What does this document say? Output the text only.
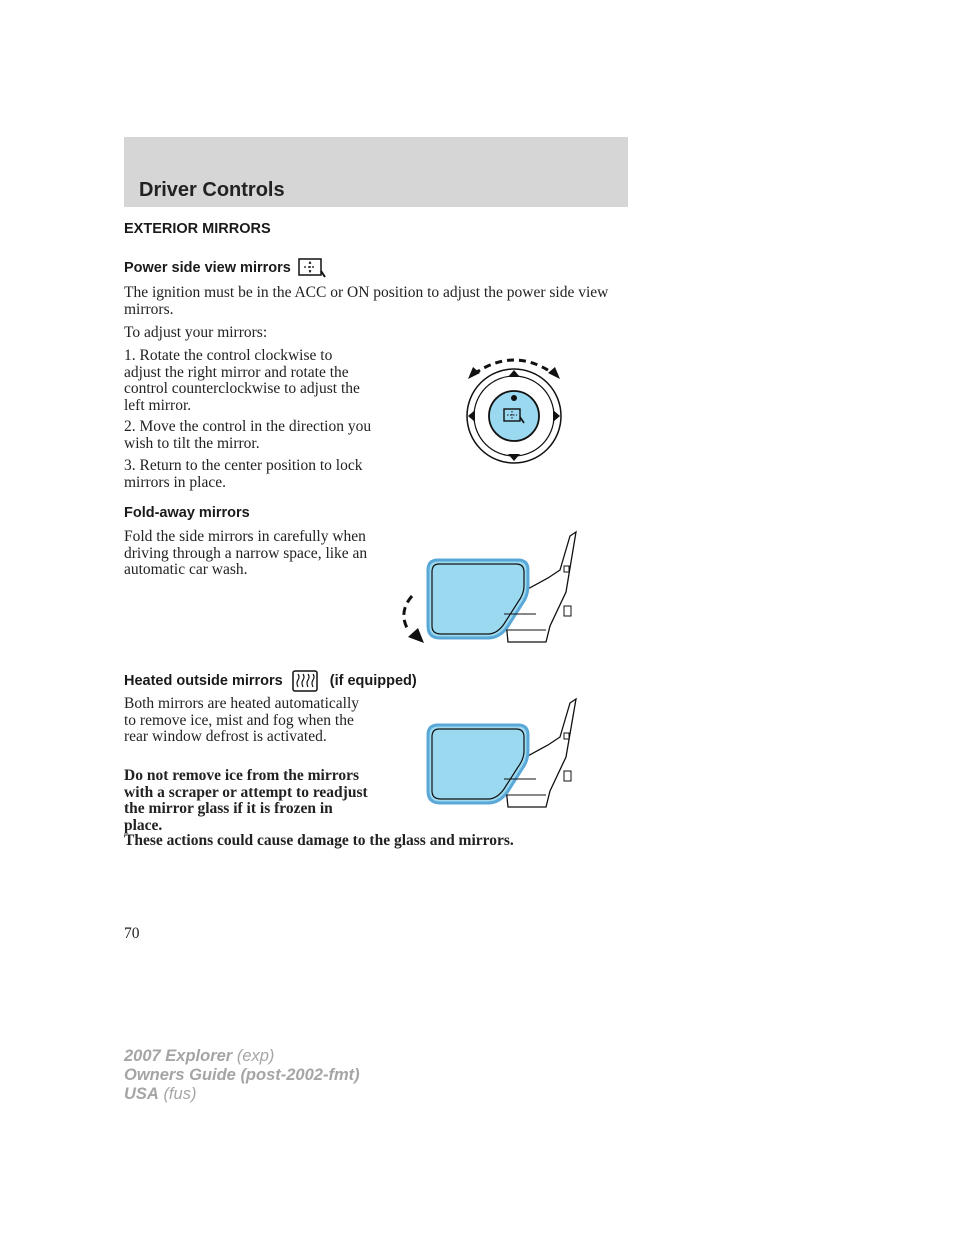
Driver Controls
EXTERIOR MIRRORS
Power side view mirrors
The ignition must be in the ACC or ON position to adjust the power side view mirrors.
To adjust your mirrors:
1. Rotate the control clockwise to adjust the right mirror and rotate the control counterclockwise to adjust the left mirror.
2. Move the control in the direction you wish to tilt the mirror.
3. Return to the center position to lock mirrors in place.
Fold-away mirrors
Fold the side mirrors in carefully when driving through a narrow space, like an automatic car wash.
Heated outside mirrors	(if equipped)
Both mirrors are heated automatically to remove ice, mist and fog when the rear window defrost is activated.
Do not remove ice from the mirrors with a scraper or attempt to readjust the mirror glass if it is frozen in place.
These actions could cause damage to the glass and mirrors.
70
2007 Explorer (exp)
Owners Guide (post-2002-fmt)
USA (fus)
